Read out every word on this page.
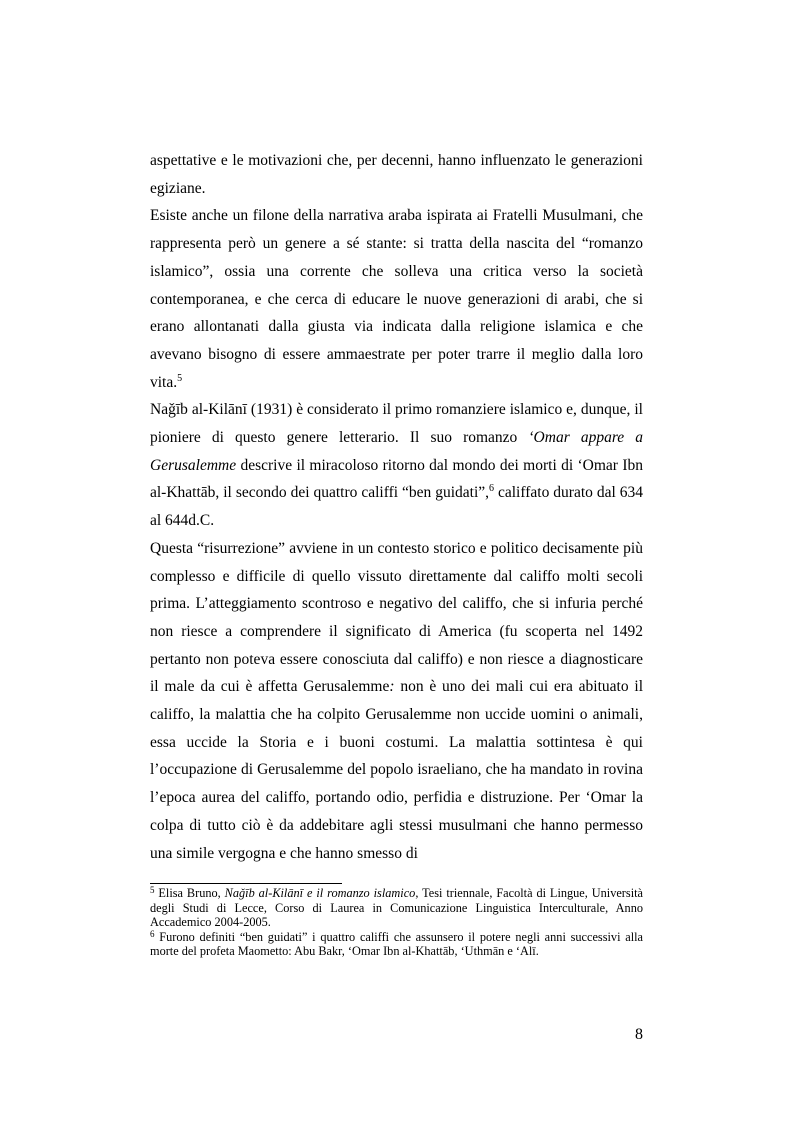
aspettative e le motivazioni che, per decenni, hanno influenzato le generazioni egiziane.

Esiste anche un filone della narrativa araba ispirata ai Fratelli Musulmani, che rappresenta però un genere a sé stante: si tratta della nascita del “romanzo islamico”, ossia una corrente che solleva una critica verso la società contemporanea, e che cerca di educare le nuove generazioni di arabi, che si erano allontanati dalla giusta via indicata dalla religione islamica e che avevano bisogno di essere ammaestrate per poter trarre il meglio dalla loro vita.$^5$

Naǧīb al-Kilānī (1931) è considerato il primo romanziere islamico e, dunque, il pioniere di questo genere letterario. Il suo romanzo ‘Omar appare a Gerusalemme descrive il miracoloso ritorno dal mondo dei morti di ‘Omar Ibn al-Khattāb, il secondo dei quattro califfi “ben guidati”,$^6$ califfato durato dal 634 al 644d.C.

Questa “risurrezione” avviene in un contesto storico e politico decisamente più complesso e difficile di quello vissuto direttamente dal califfo molti secoli prima. L’atteggiamento scontroso e negativo del califfo, che si infuria perché non riesce a comprendere il significato di America (fu scoperta nel 1492 pertanto non poteva essere conosciuta dal califfo) e non riesce a diagnosticare il male da cui è affetta Gerusalemme: non è uno dei mali cui era abituato il califfo, la malattia che ha colpito Gerusalemme non uccide uomini o animali, essa uccide la Storia e i buoni costumi. La malattia sottintesa è qui l’occupazione di Gerusalemme del popolo israeliano, che ha mandato in rovina l’epoca aurea del califfo, portando odio, perfidia e distruzione. Per ‘Omar la colpa di tutto ciò è da addebitare agli stessi musulmani che hanno permesso una simile vergogna e che hanno smesso di

$^5$ Elisa Bruno, Naǧīb al-Kilānī e il romanzo islamico, Tesi triennale, Facoltà di Lingue, Università degli Studi di Lecce, Corso di Laurea in Comunicazione Linguistica Interculturale, Anno Accademico 2004-2005.

$^6$ Furono definiti “ben guidati” i quattro califfi che assunsero il potere negli anni successivi alla morte del profeta Maometto: Abu Bakr, ‘Omar Ibn al-Khattāb, ‘Uthmān e ‘Alī.

8
